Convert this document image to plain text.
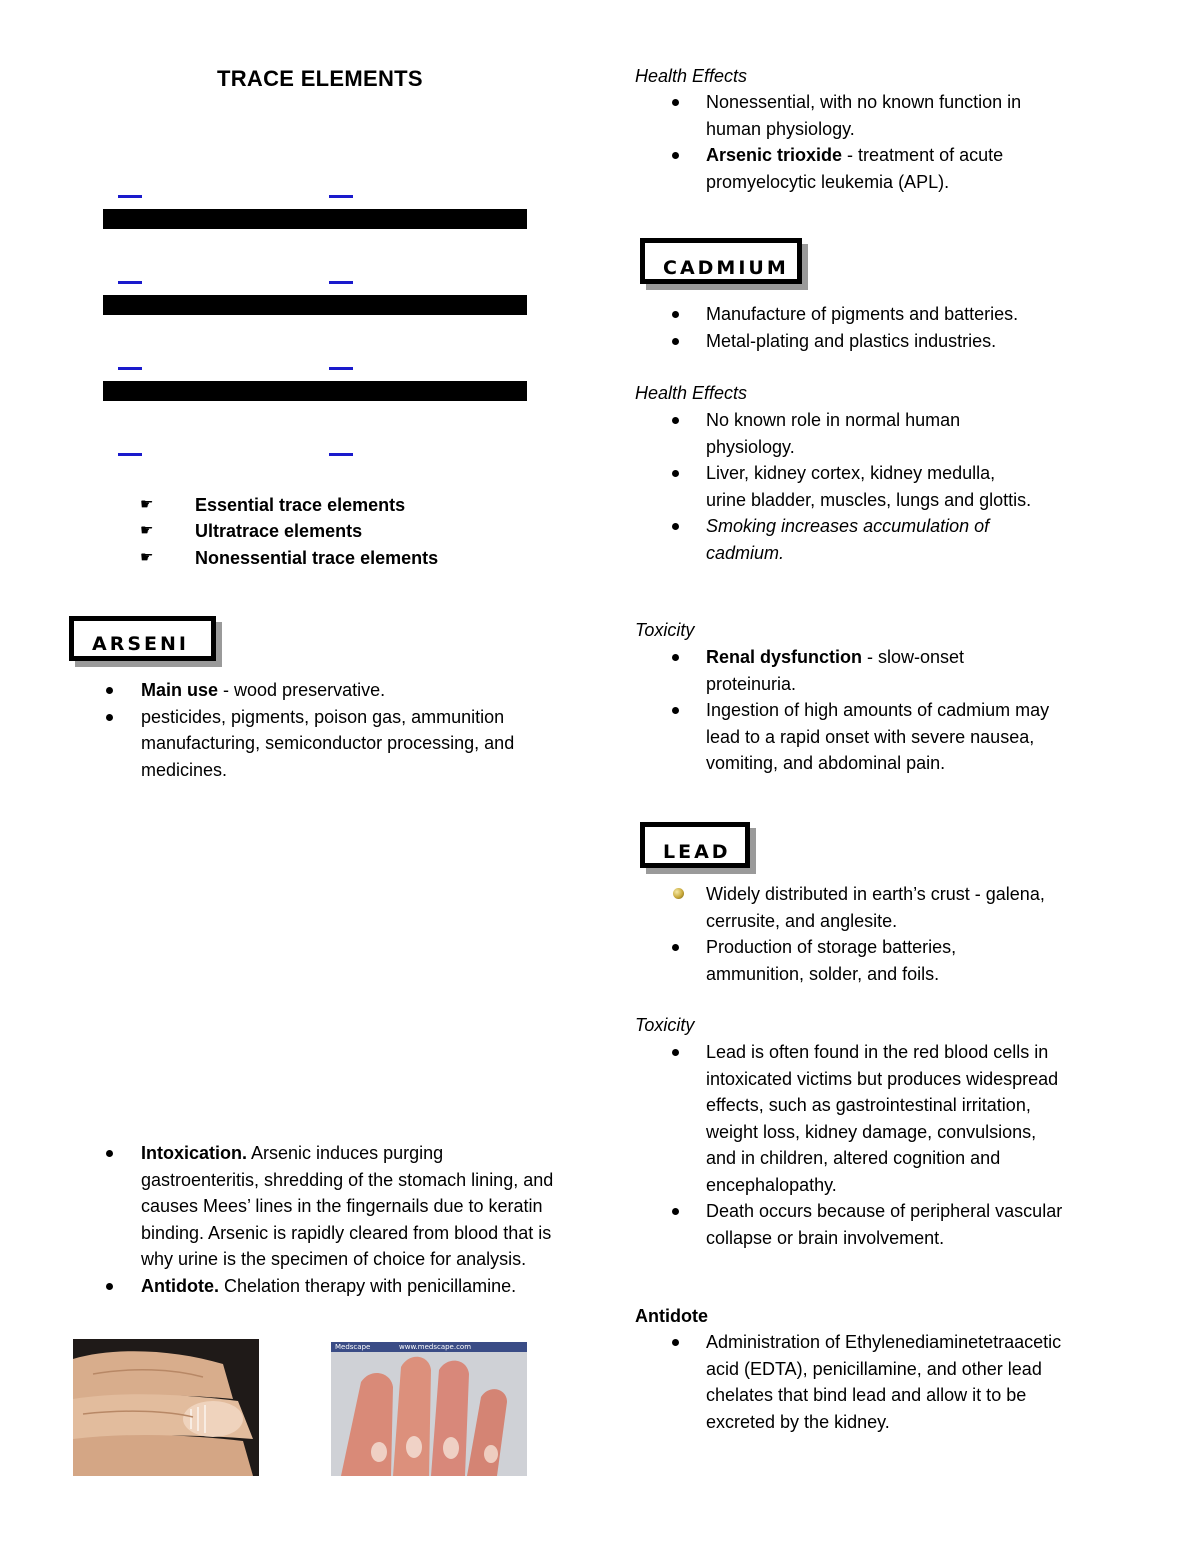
TRACE ELEMENTS
☛ Essential trace elements
☛ Ultratrace elements
☛ Nonessential trace elements
ARSENI
Main use - wood preservative.
pesticides, pigments, poison gas, ammunition manufacturing, semiconductor processing, and medicines.
Intoxication. Arsenic induces purging gastroenteritis, shredding of the stomach lining, and causes Mees’ lines in the fingernails due to keratin binding. Arsenic is rapidly cleared from blood that is why urine is the specimen of choice for analysis.
Antidote. Chelation therapy with penicillamine.
Medscape	www.medscape.com
Health Effects
Nonessential, with no known function in human physiology.
Arsenic trioxide - treatment of acute promyelocytic leukemia (APL).
CADMIUM
Manufacture of pigments and batteries.
Metal-plating and plastics industries.
Health Effects
No known role in normal human physiology.
Liver, kidney cortex, kidney medulla, urine bladder, muscles, lungs and glottis.
Smoking increases accumulation of cadmium.
Toxicity
Renal dysfunction - slow-onset proteinuria.
Ingestion of high amounts of cadmium may lead to a rapid onset with severe nausea, vomiting, and abdominal pain.
LEAD
Widely distributed in earth’s crust - galena, cerrusite, and anglesite.
Production of storage batteries, ammunition, solder, and foils.
Toxicity
Lead is often found in the red blood cells in intoxicated victims but produces widespread effects, such as gastrointestinal irritation, weight loss, kidney damage, convulsions, and in children, altered cognition and encephalopathy.
Death occurs because of peripheral vascular collapse or brain involvement.
Antidote
Administration of Ethylenediaminetetraacetic acid (EDTA), penicillamine, and other lead chelates that bind lead and allow it to be excreted by the kidney.
